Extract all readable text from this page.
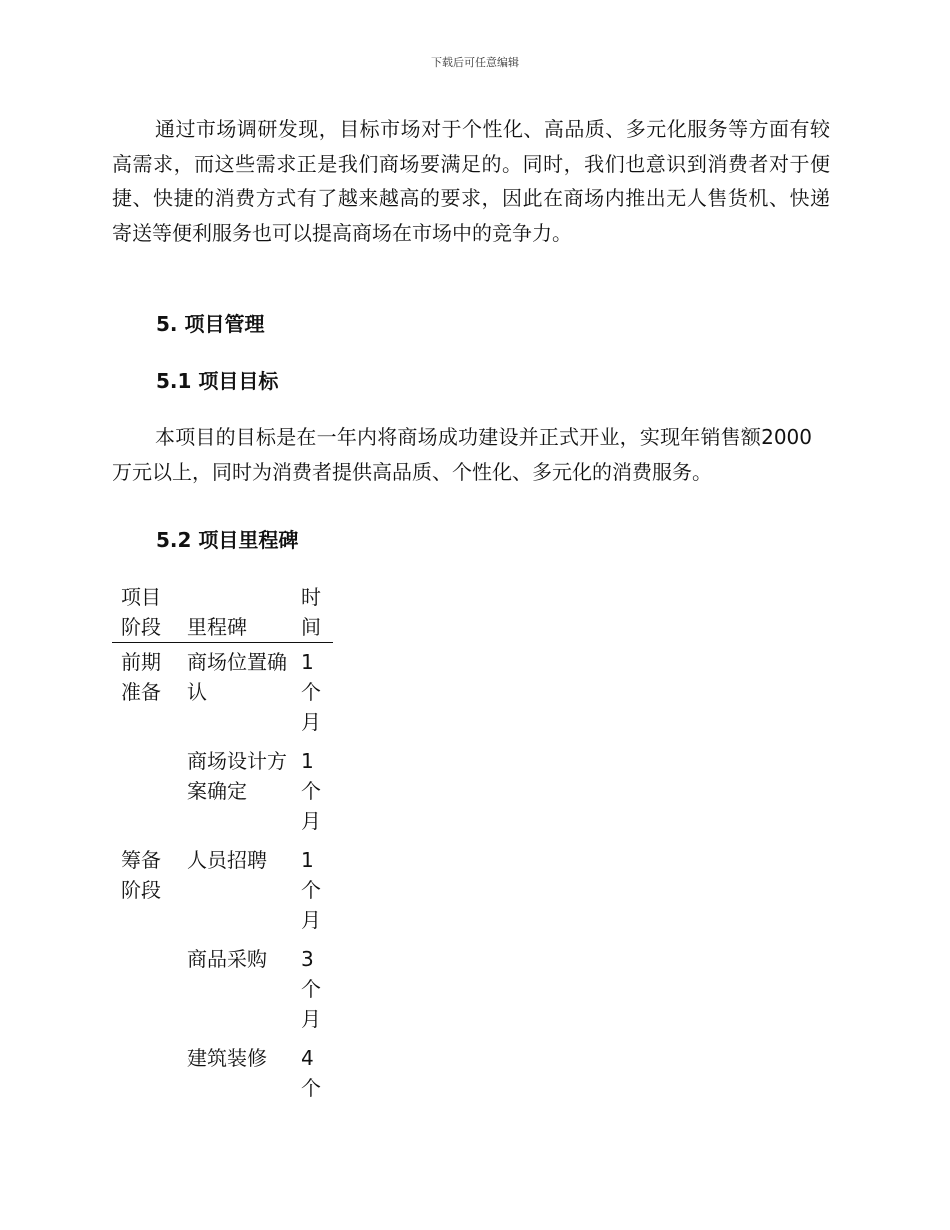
下载后可任意编辑

通过市场调研发现，目标市场对于个性化、高品质、多元化服务等方面有较高需求，而这些需求正是我们商场要满足的。同时，我们也意识到消费者对于便捷、快捷的消费方式有了越来越高的要求，因此在商场内推出无人售货机、快递寄送等便利服务也可以提高商场在市场中的竞争力。

5. 项目管理

5.1 项目目标

本项目的目标是在一年内将商场成功建设并正式开业，实现年销售额2000万元以上，同时为消费者提供高品质、个性化、多元化的消费服务。

5.2 项目里程碑

项目阶段	里程碑	时间

前期准备	商场位置确认	1个月

	商场设计方案确定	1个月

筹备阶段	人员招聘	1个月

	商品采购	3个月

	建筑装修	4个
